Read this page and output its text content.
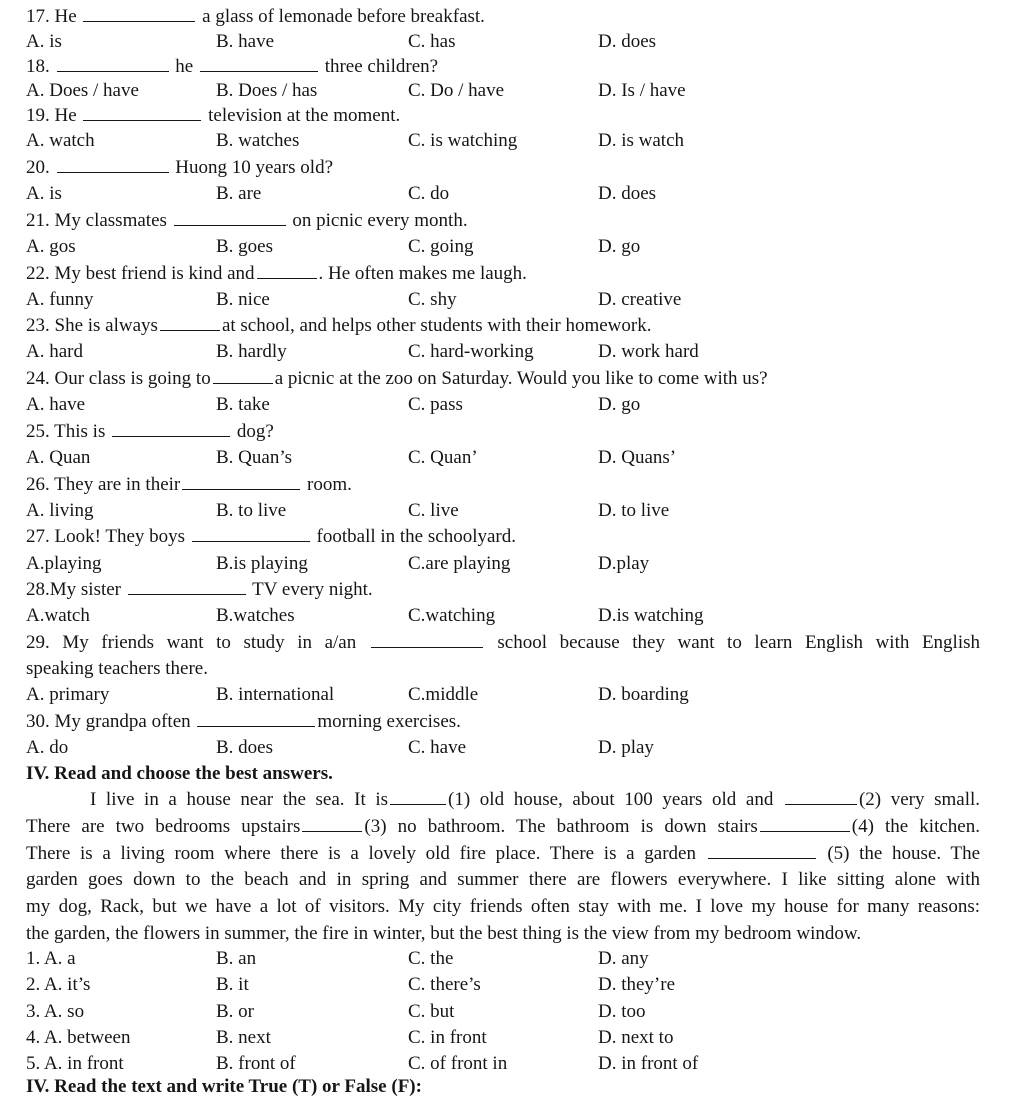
17. He	a glass of lemonade before breakfast.
A. is	B. have	C. has	D. does
18.	he	three children?
A. Does / have	B. Does / has	C. Do / have	D. Is / have
19. He	television at the moment.
A. watch	B. watches	C. is watching	D. is watch
20.	Huong 10 years old?
A. is	B. are	C. do	D. does
21. My classmates	on picnic every month.
A. gos	B. goes	C. going	D. go
22. My best friend is kind and	. He often makes me laugh.
A. funny	B. nice	C. shy	D. creative
23. She is always	at school, and helps other students with their homework.
A. hard	B. hardly	C. hard-working	D. work hard
24. Our class is going to	a picnic at the zoo on Saturday. Would you like to come with us?
A. have	B. take	C. pass	D. go
25. This is	dog?
A. Quan	B. Quan’s	C. Quan’	D. Quans’
26. They are in their	room.
A. living	B. to live	C. live	D. to live
27. Look! They boys	football in the schoolyard.
A.playing	B.is playing	C.are playing	D.play
28.My sister	TV every night.
A.watch	B.watches	C.watching	D.is watching
29. My friends want to study in a/an	school because they want to learn English with English
speaking teachers there.
A. primary	B. international	C.middle	D. boarding
30. My grandpa often	morning exercises.
A. do	B. does	C. have	D. play
IV. Read and choose the best answers.
I live in a house near the sea. It is	(1) old house, about 100 years old and	(2) very small.
There are two bedrooms upstairs	(3) no bathroom. The bathroom is down stairs	(4) the kitchen.
There is a living room where there is a lovely old fire place. There is a garden	(5) the house. The
garden goes down to the beach and in spring and summer there are flowers everywhere. I like sitting alone with
my dog, Rack, but we have a lot of visitors. My city friends often stay with me. I love my house for many reasons:
the garden, the flowers in summer, the fire in winter, but the best thing is the view from my bedroom window.
1. A. a	B. an	C. the	D. any
2. A. it’s	B. it	C. there’s	D. they’re
3. A. so	B. or	C. but	D. too
4. A. between	B. next	C. in front	D. next to
5. A. in front	B. front of	C. of front in	D. in front of
IV. Read the text and write True (T) or False (F):
